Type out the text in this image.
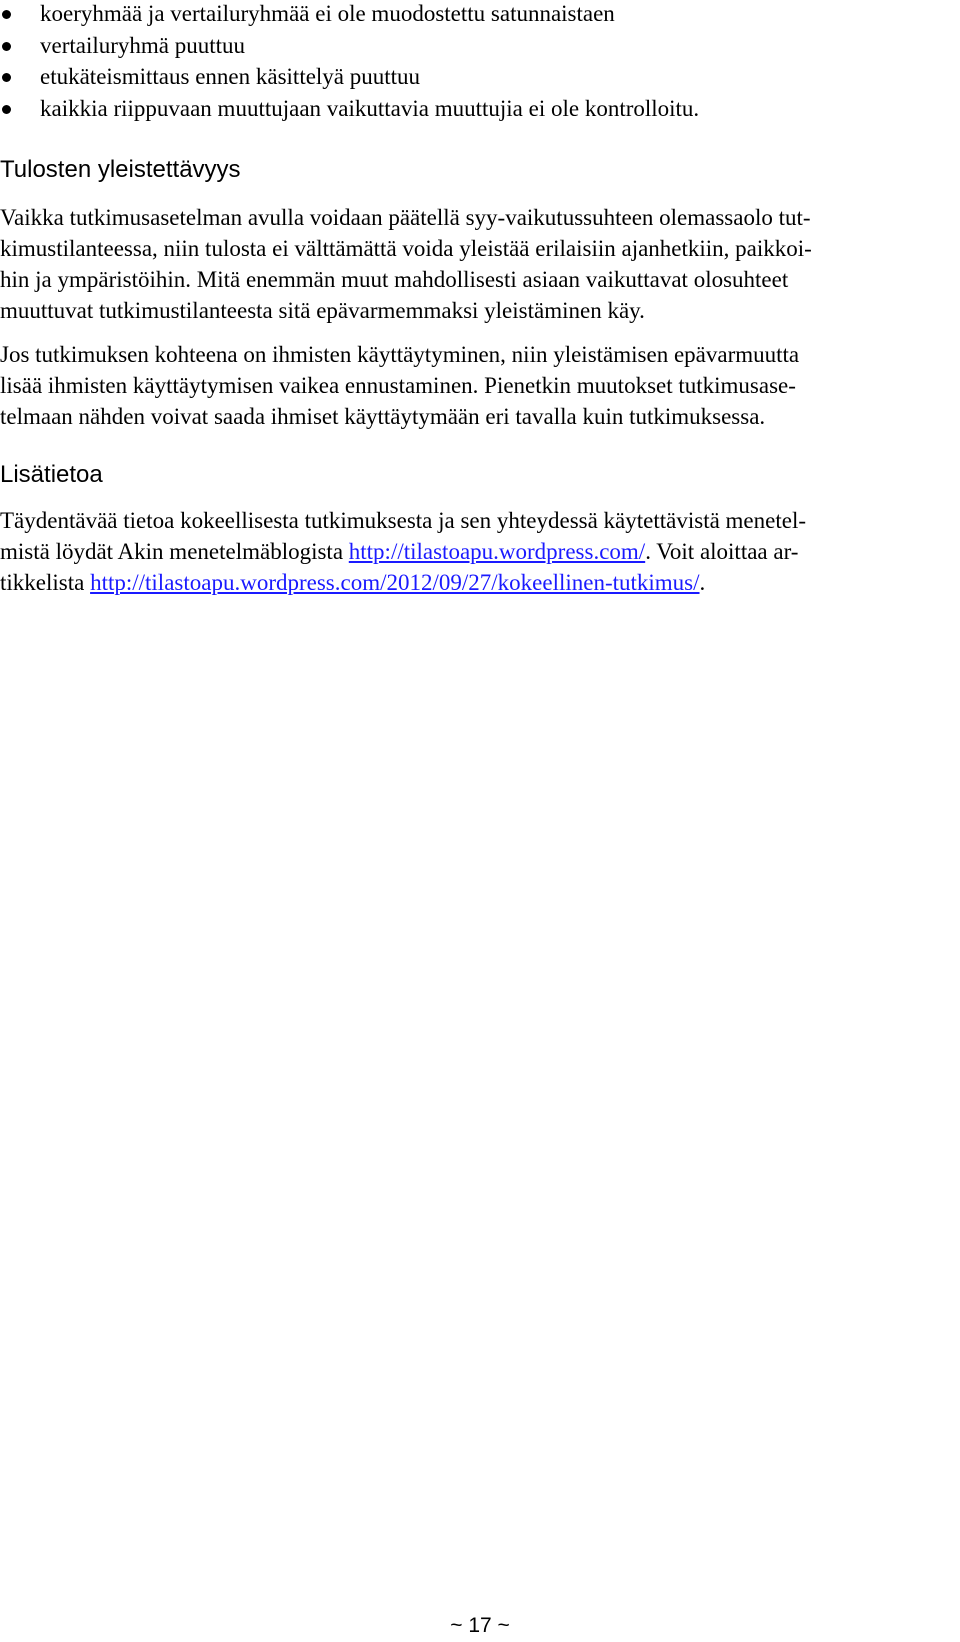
koeryhmää ja vertailuryhmää ei ole muodostettu satunnaistaen
vertailuryhmä puuttuu
etukäteismittaus ennen käsittelyä puuttuu
kaikkia riippuvaan muuttujaan vaikuttavia muuttujia ei ole kontrolloitu.
Tulosten yleistettävyys
Vaikka tutkimusasetelman avulla voidaan päätellä syy-vaikutussuhteen olemassaolo tut-
kimustilanteessa, niin tulosta ei välttämättä voida yleistää erilaisiin ajanhetkiin, paikkoi-
hin ja ympäristöihin. Mitä enemmän muut mahdollisesti asiaan vaikuttavat olosuhteet
muuttuvat tutkimustilanteesta sitä epävarmemmaksi yleistäminen käy.
Jos tutkimuksen kohteena on ihmisten käyttäytyminen, niin yleistämisen epävarmuutta
lisää ihmisten käyttäytymisen vaikea ennustaminen. Pienetkin muutokset tutkimusase-
telmaan nähden voivat saada ihmiset käyttäytymään eri tavalla kuin tutkimuksessa.
Lisätietoa
Täydentävää tietoa kokeellisesta tutkimuksesta ja sen yhteydessä käytettävistä menetel-
mistä löydät Akin menetelmäblogista http://tilastoapu.wordpress.com/. Voit aloittaa ar-
tikkelista http://tilastoapu.wordpress.com/2012/09/27/kokeellinen-tutkimus/.
~ 17 ~
